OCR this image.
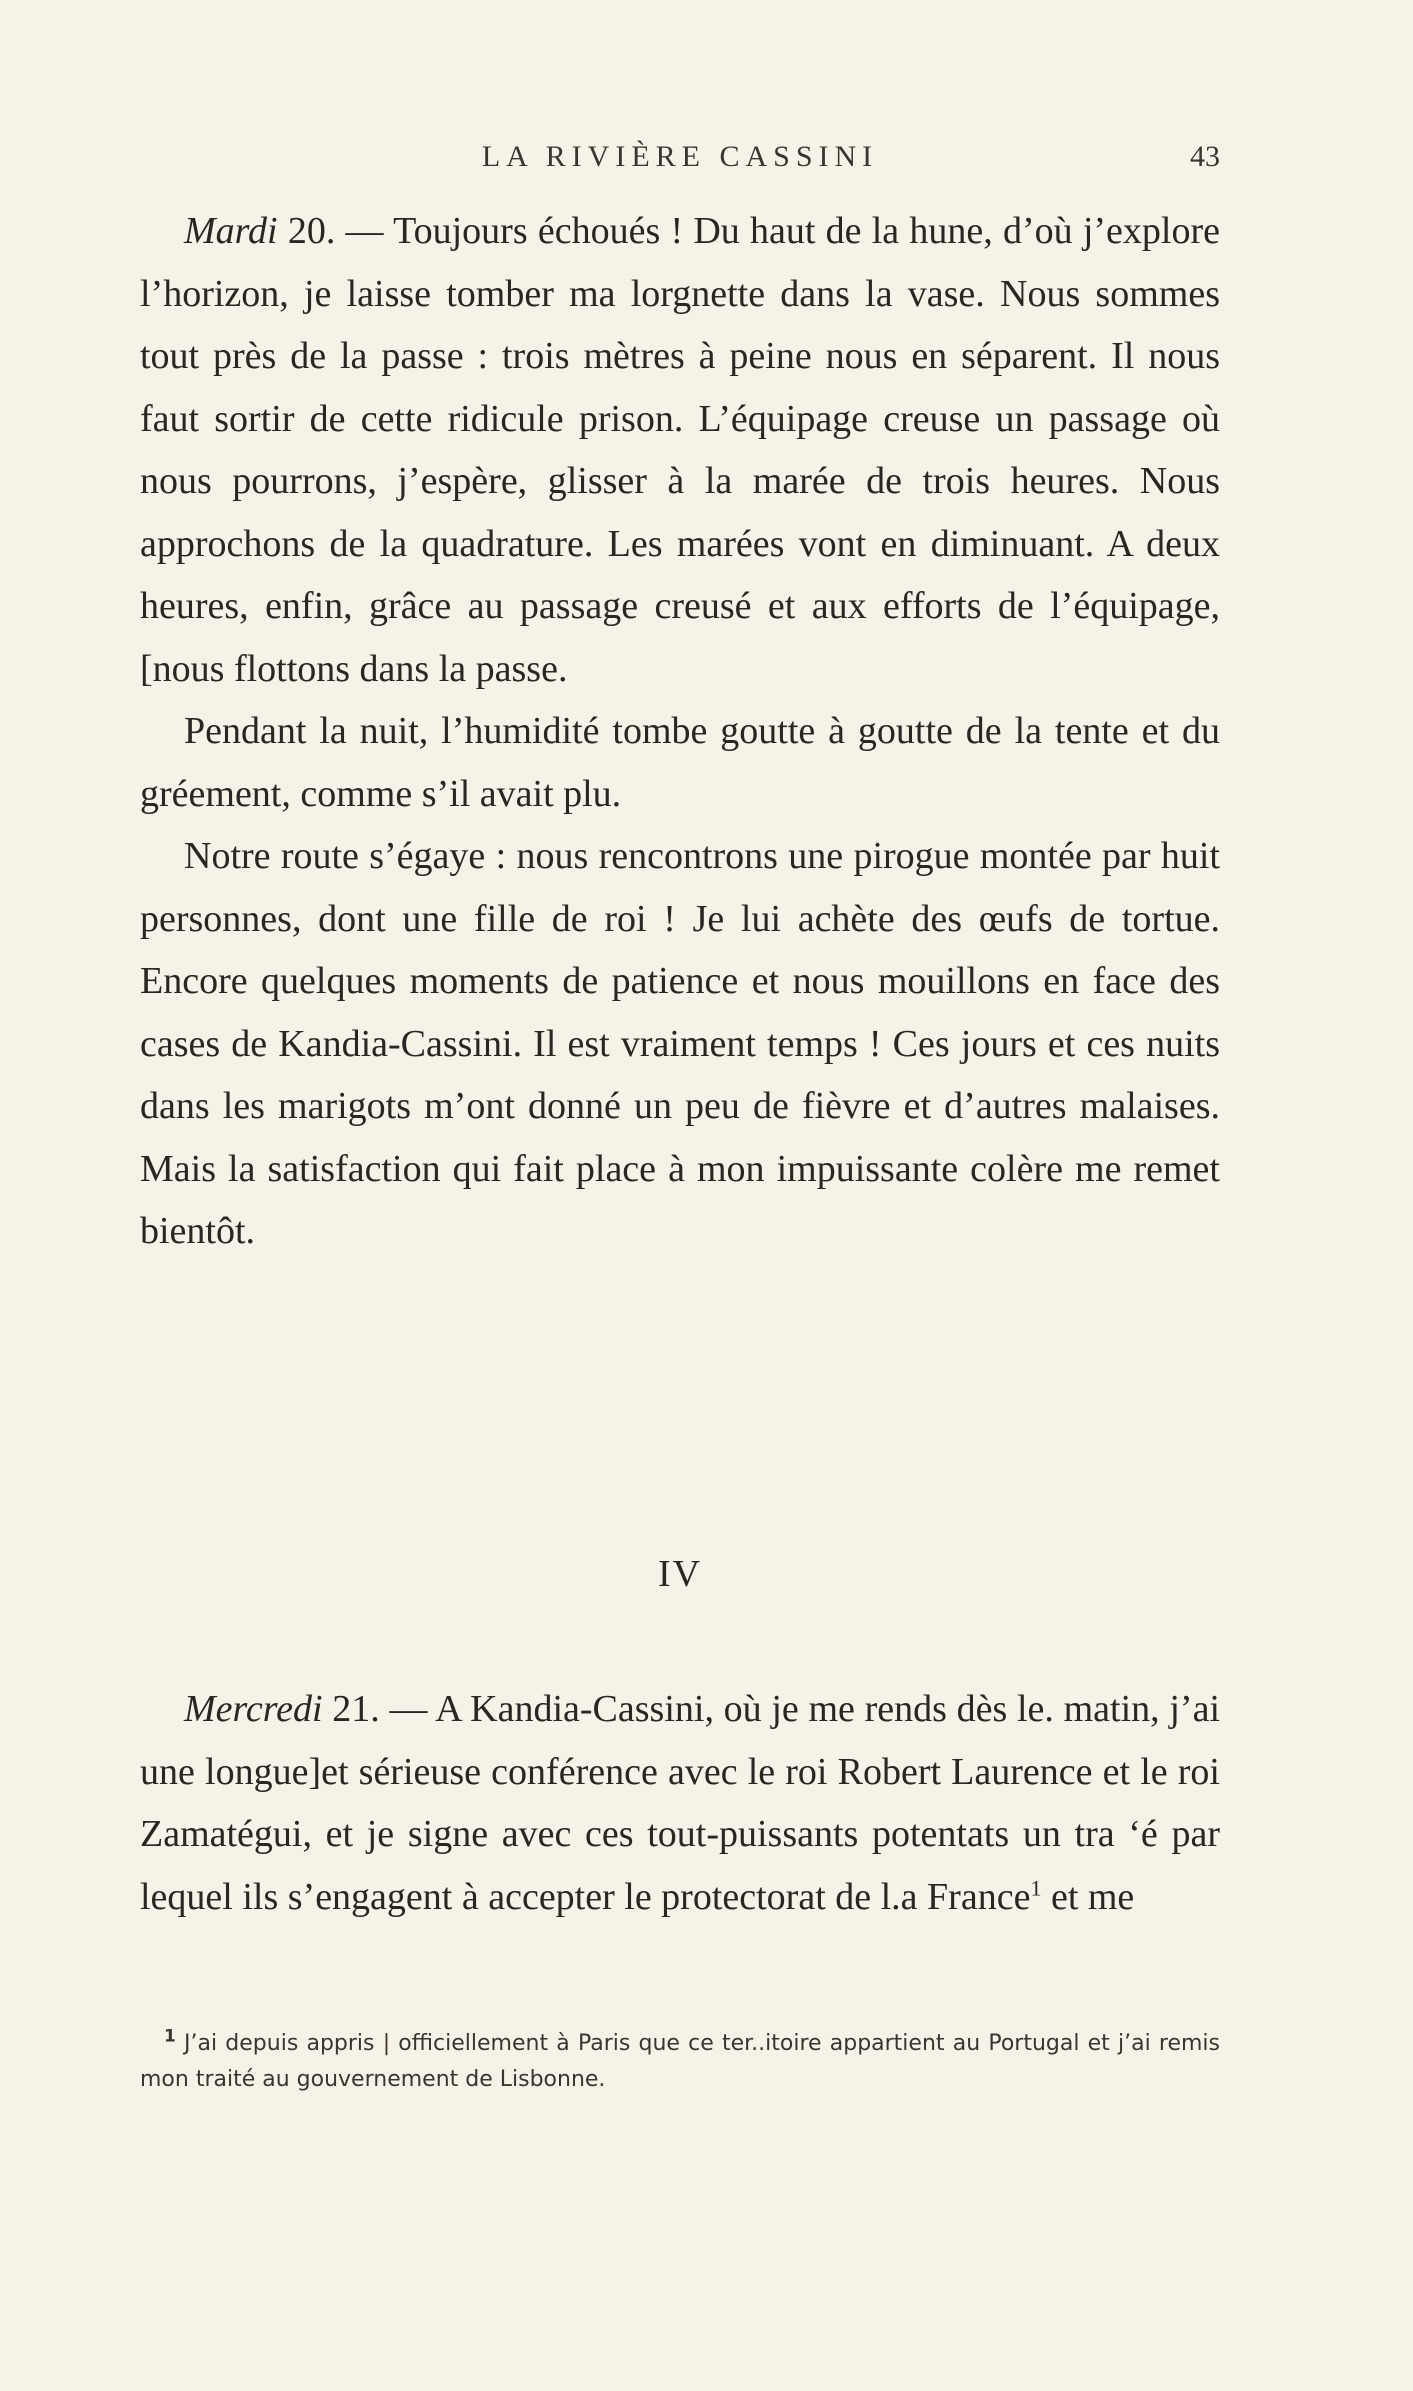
LA RIVIÈRE CASSINI	43

Mardi 20. — Toujours échoués ! Du haut de la hune, d’où j’explore l’horizon, je laisse tomber ma lorgnette dans la vase. Nous sommes tout près de la passe : trois mètres à peine nous en séparent. Il nous faut sortir de cette ridicule prison. L’équipage creuse un passage où nous pourrons, j’espère, glisser à la marée de trois heures. Nous approchons de la quadrature. Les marées vont en diminuant. A deux heures, enfin, grâce au passage creusé et aux efforts de l’équipage, [nous flottons dans la passe.

Pendant la nuit, l’humidité tombe goutte à goutte de la tente et du gréement, comme s’il avait plu.

Notre route s’égaye : nous rencontrons une pirogue montée par huit personnes, dont une fille de roi ! Je lui achète des œufs de tortue. Encore quelques moments de patience et nous mouillons en face des cases de Kandia-Cassini. Il est vraiment temps ! Ces jours et ces nuits dans les marigots m’ont donné un peu de fièvre et d’autres malaises. Mais la satisfaction qui fait place à mon impuissante colère me remet bientôt.

IV

Mercredi 21. — A Kandia-Cassini, où je me rends dès le. matin, j’ai une longue]et sérieuse conférence avec le roi Robert Laurence et le roi Zamatégui, et je signe avec ces tout-puissants potentats un tra ‘é par lequel ils s’engagent à accepter le protectorat de l.a France$^1$ et me

$^1$ J’ai depuis appris | officiellement à Paris que ce ter..itoire appartient au Portugal et j’ai remis mon traité au gouvernement de Lisbonne.
